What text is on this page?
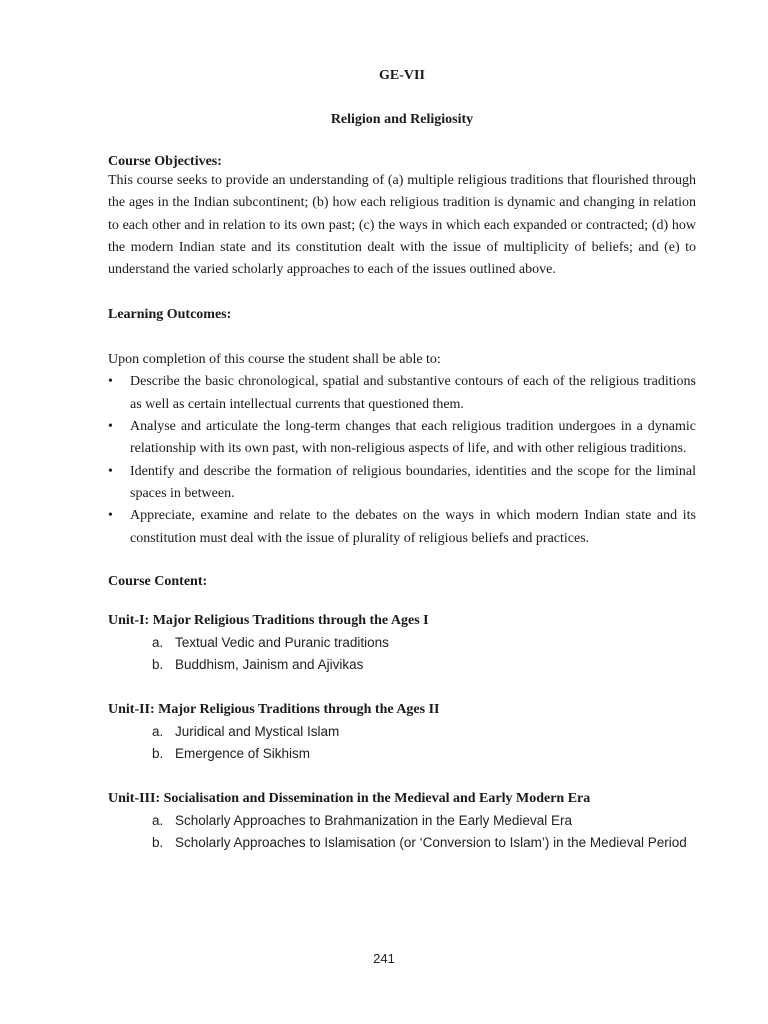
GE-VII
Religion and Religiosity
Course Objectives:

This course seeks to provide an understanding of (a) multiple religious traditions that flourished through the ages in the Indian subcontinent; (b) how each religious tradition is dynamic and changing in relation to each other and in relation to its own past; (c) the ways in which each expanded or contracted; (d) how the modern Indian state and its constitution dealt with the issue of multiplicity of beliefs; and (e) to understand the varied scholarly approaches to each of the issues outlined above.

Learning Outcomes:
Upon completion of this course the student shall be able to:
• Describe the basic chronological, spatial and substantive contours of each of the religious traditions as well as certain intellectual currents that questioned them.
• Analyse and articulate the long-term changes that each religious tradition undergoes in a dynamic relationship with its own past, with non-religious aspects of life, and with other religious traditions.
• Identify and describe the formation of religious boundaries, identities and the scope for the liminal spaces in between.
• Appreciate, examine and relate to the debates on the ways in which modern Indian state and its constitution must deal with the issue of plurality of religious beliefs and practices.
Course Content:
Unit-I: Major Religious Traditions through the Ages I
a. Textual Vedic and Puranic traditions
b. Buddhism, Jainism and Ajivikas
Unit-II: Major Religious Traditions through the Ages II
a. Juridical and Mystical Islam
b. Emergence of Sikhism
Unit-III: Socialisation and Dissemination in the Medieval and Early Modern Era
a. Scholarly Approaches to Brahmanization in the Early Medieval Era
b. Scholarly Approaches to Islamisation (or ‘Conversion to Islam’) in the Medieval Period
241
